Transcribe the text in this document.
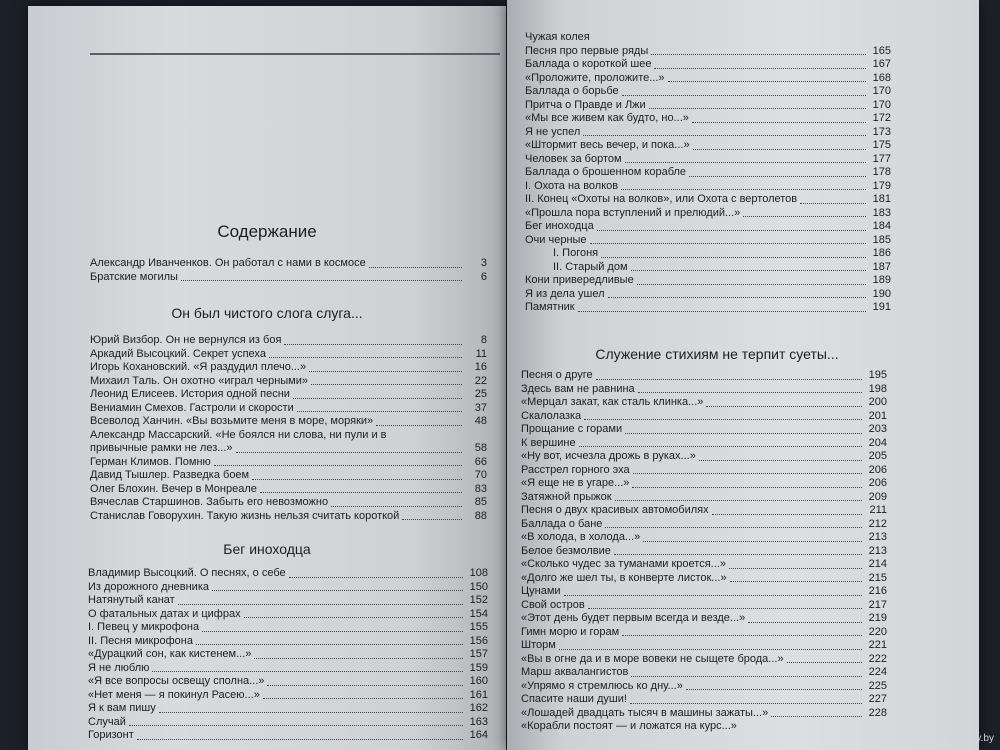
Содержание
Александр Иванченков. Он работал с нами в космосе	3
Братские могилы	6
Он был чистого слога слуга...
Юрий Визбор. Он не вернулся из боя	8
Аркадий Высоцкий. Секрет успеха	11
Игорь Кохановский. «Я раздудил плечо...»	16
Михаил Таль. Он охотно «играл черными»	22
Леонид Елисеев. История одной песни	25
Вениамин Смехов. Гастроли и скорости	37
Всеволод Ханчин. «Вы возьмите меня в море, моряки»	48
Александр Массарский. «Не боялся ни слова, ни пули и в
привычные рамки не лез...»	58
Герман Климов. Помню	66
Давид Тышлер. Разведка боем	70
Олег Блохин. Вечер в Монреале	83
Вячеслав Старшинов. Забыть его невозможно	85
Станислав Говорухин. Такую жизнь нельзя считать короткой	88
Бег иноходца
Владимир Высоцкий. О песнях, о себе	108
Из дорожного дневника	150
Натянутый канат	152
О фатальных датах и цифрах	154
I. Певец у микрофона	155
II. Песня микрофона	156
«Дурацкий сон, как кистенем...»	157
Я не люблю	159
«Я все вопросы освещу сполна...»	160
«Нет меня — я покинул Расею...»	161
Я к вам пишу	162
Случай	163
Горизонт	164
Чужая колея
Песня про первые ряды	165
Баллада о короткой шее	167
«Проложите, проложите...»	168
Баллада о борьбе	170
Притча о Правде и Лжи	170
«Мы все живем как будто, но...»	172
Я не успел	173
«Штормит весь вечер, и пока...»	175
Человек за бортом	177
Баллада о брошенном корабле	178
I. Охота на волков	179
II. Конец «Охоты на волков», или Охота с вертолетов	181
«Прошла пора вступлений и прелюдий...»	183
Бег иноходца	184
Очи черные	185
I. Погоня	186
II. Старый дом	187
Кони привередливые	189
Я из дела ушел	190
Памятник	191
Служение стихиям не терпит суеты...
Песня о друге	195
Здесь вам не равнина	198
«Мерцал закат, как сталь клинка...»	200
Скалолазка	201
Прощание с горами	203
К вершине	204
«Ну вот, исчезла дрожь в руках...»	205
Расстрел горного эха	206
«Я еще не в угаре...»	206
Затяжной прыжок	209
Песня о двух красивых автомобилях	211
Баллада о бане	212
«В холода, в холода...»	213
Белое безмолвие	213
«Сколько чудес за туманами кроется...»	214
«Долго же шел ты, в конверте листок...»	215
Цунами	216
Свой остров	217
«Этот день будет первым всегда и везде...»	219
Гимн морю и горам	220
Шторм	221
«Вы в огне да и в море вовеки не сыщете брода...»	222
Марш аквалангистов	224
«Упрямо я стремлюсь ко дну...»	225
Спасите наши души!	227
«Лошадей двадцать тысяч в машины зажаты...»	228
«Корабли постоят — и ложатся на курс...»
www.ay.by
